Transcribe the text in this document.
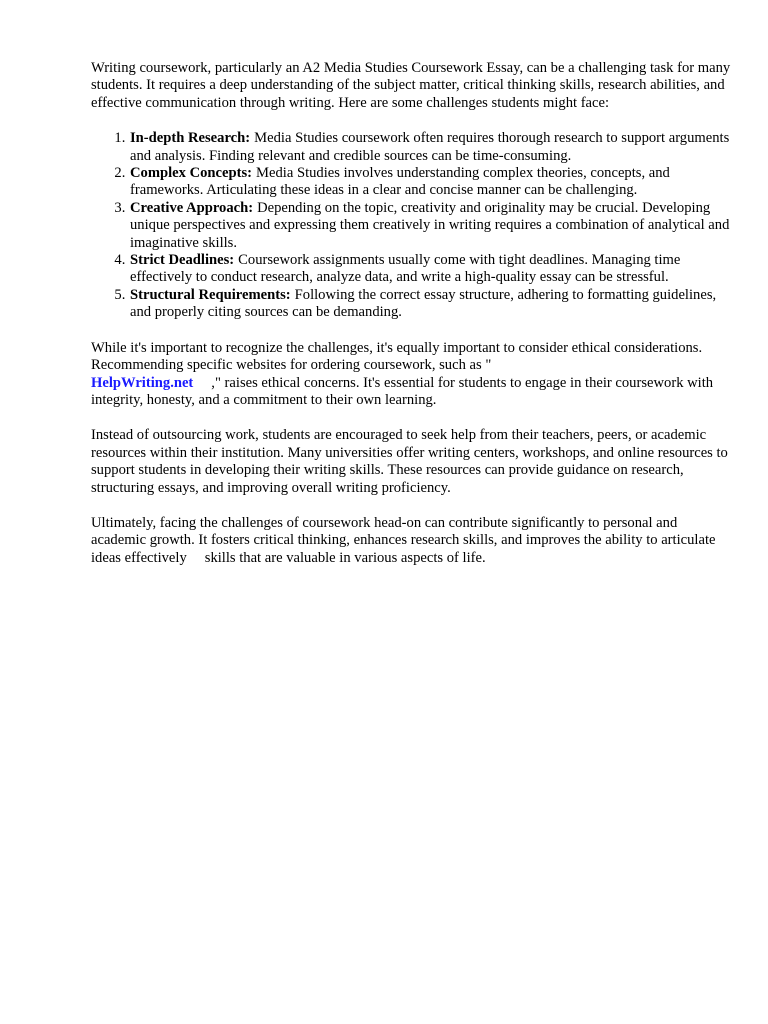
Writing coursework, particularly an A2 Media Studies Coursework Essay, can be a challenging task for many students. It requires a deep understanding of the subject matter, critical thinking skills, research abilities, and effective communication through writing. Here are some challenges students might face:

1. In-depth Research: Media Studies coursework often requires thorough research to support arguments and analysis. Finding relevant and credible sources can be time-consuming.
2. Complex Concepts: Media Studies involves understanding complex theories, concepts, and frameworks. Articulating these ideas in a clear and concise manner can be challenging.
3. Creative Approach: Depending on the topic, creativity and originality may be crucial. Developing unique perspectives and expressing them creatively in writing requires a combination of analytical and imaginative skills.
4. Strict Deadlines: Coursework assignments usually come with tight deadlines. Managing time effectively to conduct research, analyze data, and write a high-quality essay can be stressful.
5. Structural Requirements: Following the correct essay structure, adhering to formatting guidelines, and properly citing sources can be demanding.

While it's important to recognize the challenges, it's equally important to consider ethical considerations. Recommending specific websites for ordering coursework, such as "
HelpWriting.net ," raises ethical concerns. It's essential for students to engage in their coursework with integrity, honesty, and a commitment to their own learning.

Instead of outsourcing work, students are encouraged to seek help from their teachers, peers, or academic resources within their institution. Many universities offer writing centers, workshops, and online resources to support students in developing their writing skills. These resources can provide guidance on research, structuring essays, and improving overall writing proficiency.

Ultimately, facing the challenges of coursework head-on can contribute significantly to personal and academic growth. It fosters critical thinking, enhances research skills, and improves the ability to articulate ideas effectively skills that are valuable in various aspects of life.
